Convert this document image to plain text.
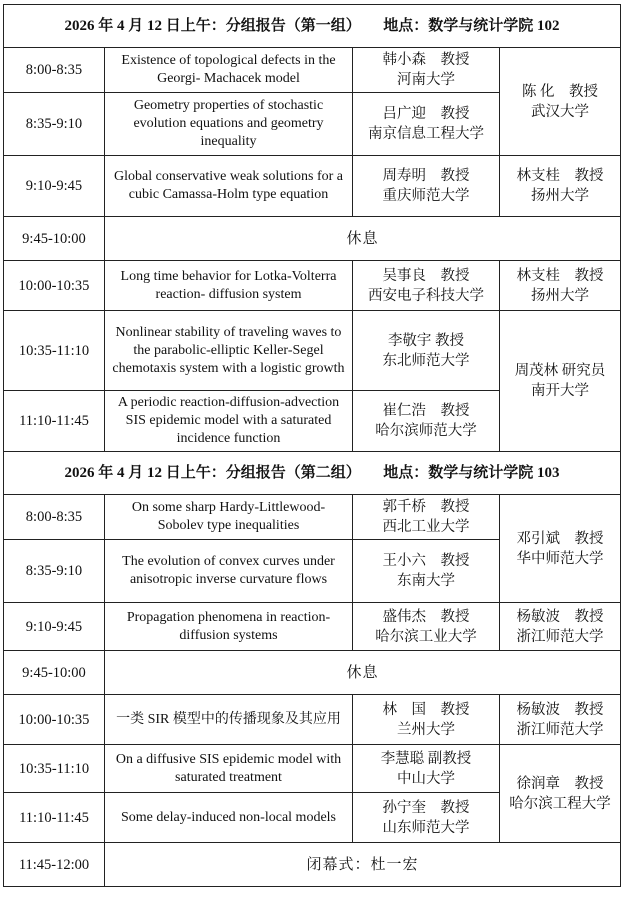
2026 年 4 月 12 日上午：分组报告（第一组）　　地点：数学与统计学院 102			
8:00-8:35	Existence of topological defects in the Georgi- Machacek model	韩小森　教授
河南大学	陈 化　教授
武汉大学

8:35-9:10	Geometry properties of stochastic evolution equations and geometry inequality	吕广迎　教授
南京信息工程大学	

9:10-9:45	Global conservative weak solutions for a cubic Camassa-Holm type equation	周寿明　教授
重庆师范大学	林支桂　教授
扬州大学

9:45-10:00	休息		
10:00-10:35	Long time behavior for Lotka-Volterra reaction- diffusion system	吴事良　教授
西安电子科技大学	林支桂　教授
扬州大学

10:35-11:10	Nonlinear stability of traveling waves to the parabolic-elliptic Keller-Segel chemotaxis system with a logistic growth	李敬宇 教授
东北师范大学	周茂林 研究员
南开大学

11:10-11:45	A periodic reaction-diffusion-advection SIS epidemic model with a saturated incidence function	崔仁浩　教授
哈尔滨师范大学	

2026 年 4 月 12 日上午：分组报告（第二组）　　地点：数学与统计学院 103			
8:00-8:35	On some sharp Hardy-Littlewood-Sobolev type inequalities	郭千桥　教授
西北工业大学	邓引斌　教授
华中师范大学

8:35-9:10	The evolution of convex curves under anisotropic inverse curvature flows	王小六　教授
东南大学	

9:10-9:45	Propagation phenomena in reaction-diffusion systems	盛伟杰　教授
哈尔滨工业大学	杨敏波　教授
浙江师范大学

9:45-10:00	休息		
10:00-10:35	一类 SIR 模型中的传播现象及其应用	林　国　教授
兰州大学	杨敏波　教授
浙江师范大学

10:35-11:10	On a diffusive SIS epidemic model with saturated treatment	李慧聪 副教授
中山大学	徐润章　教授
哈尔滨工程大学

11:10-11:45	Some delay-induced non-local models	孙宁奎　教授
山东师范大学	

11:45-12:00	闭幕式：杜一宏		
